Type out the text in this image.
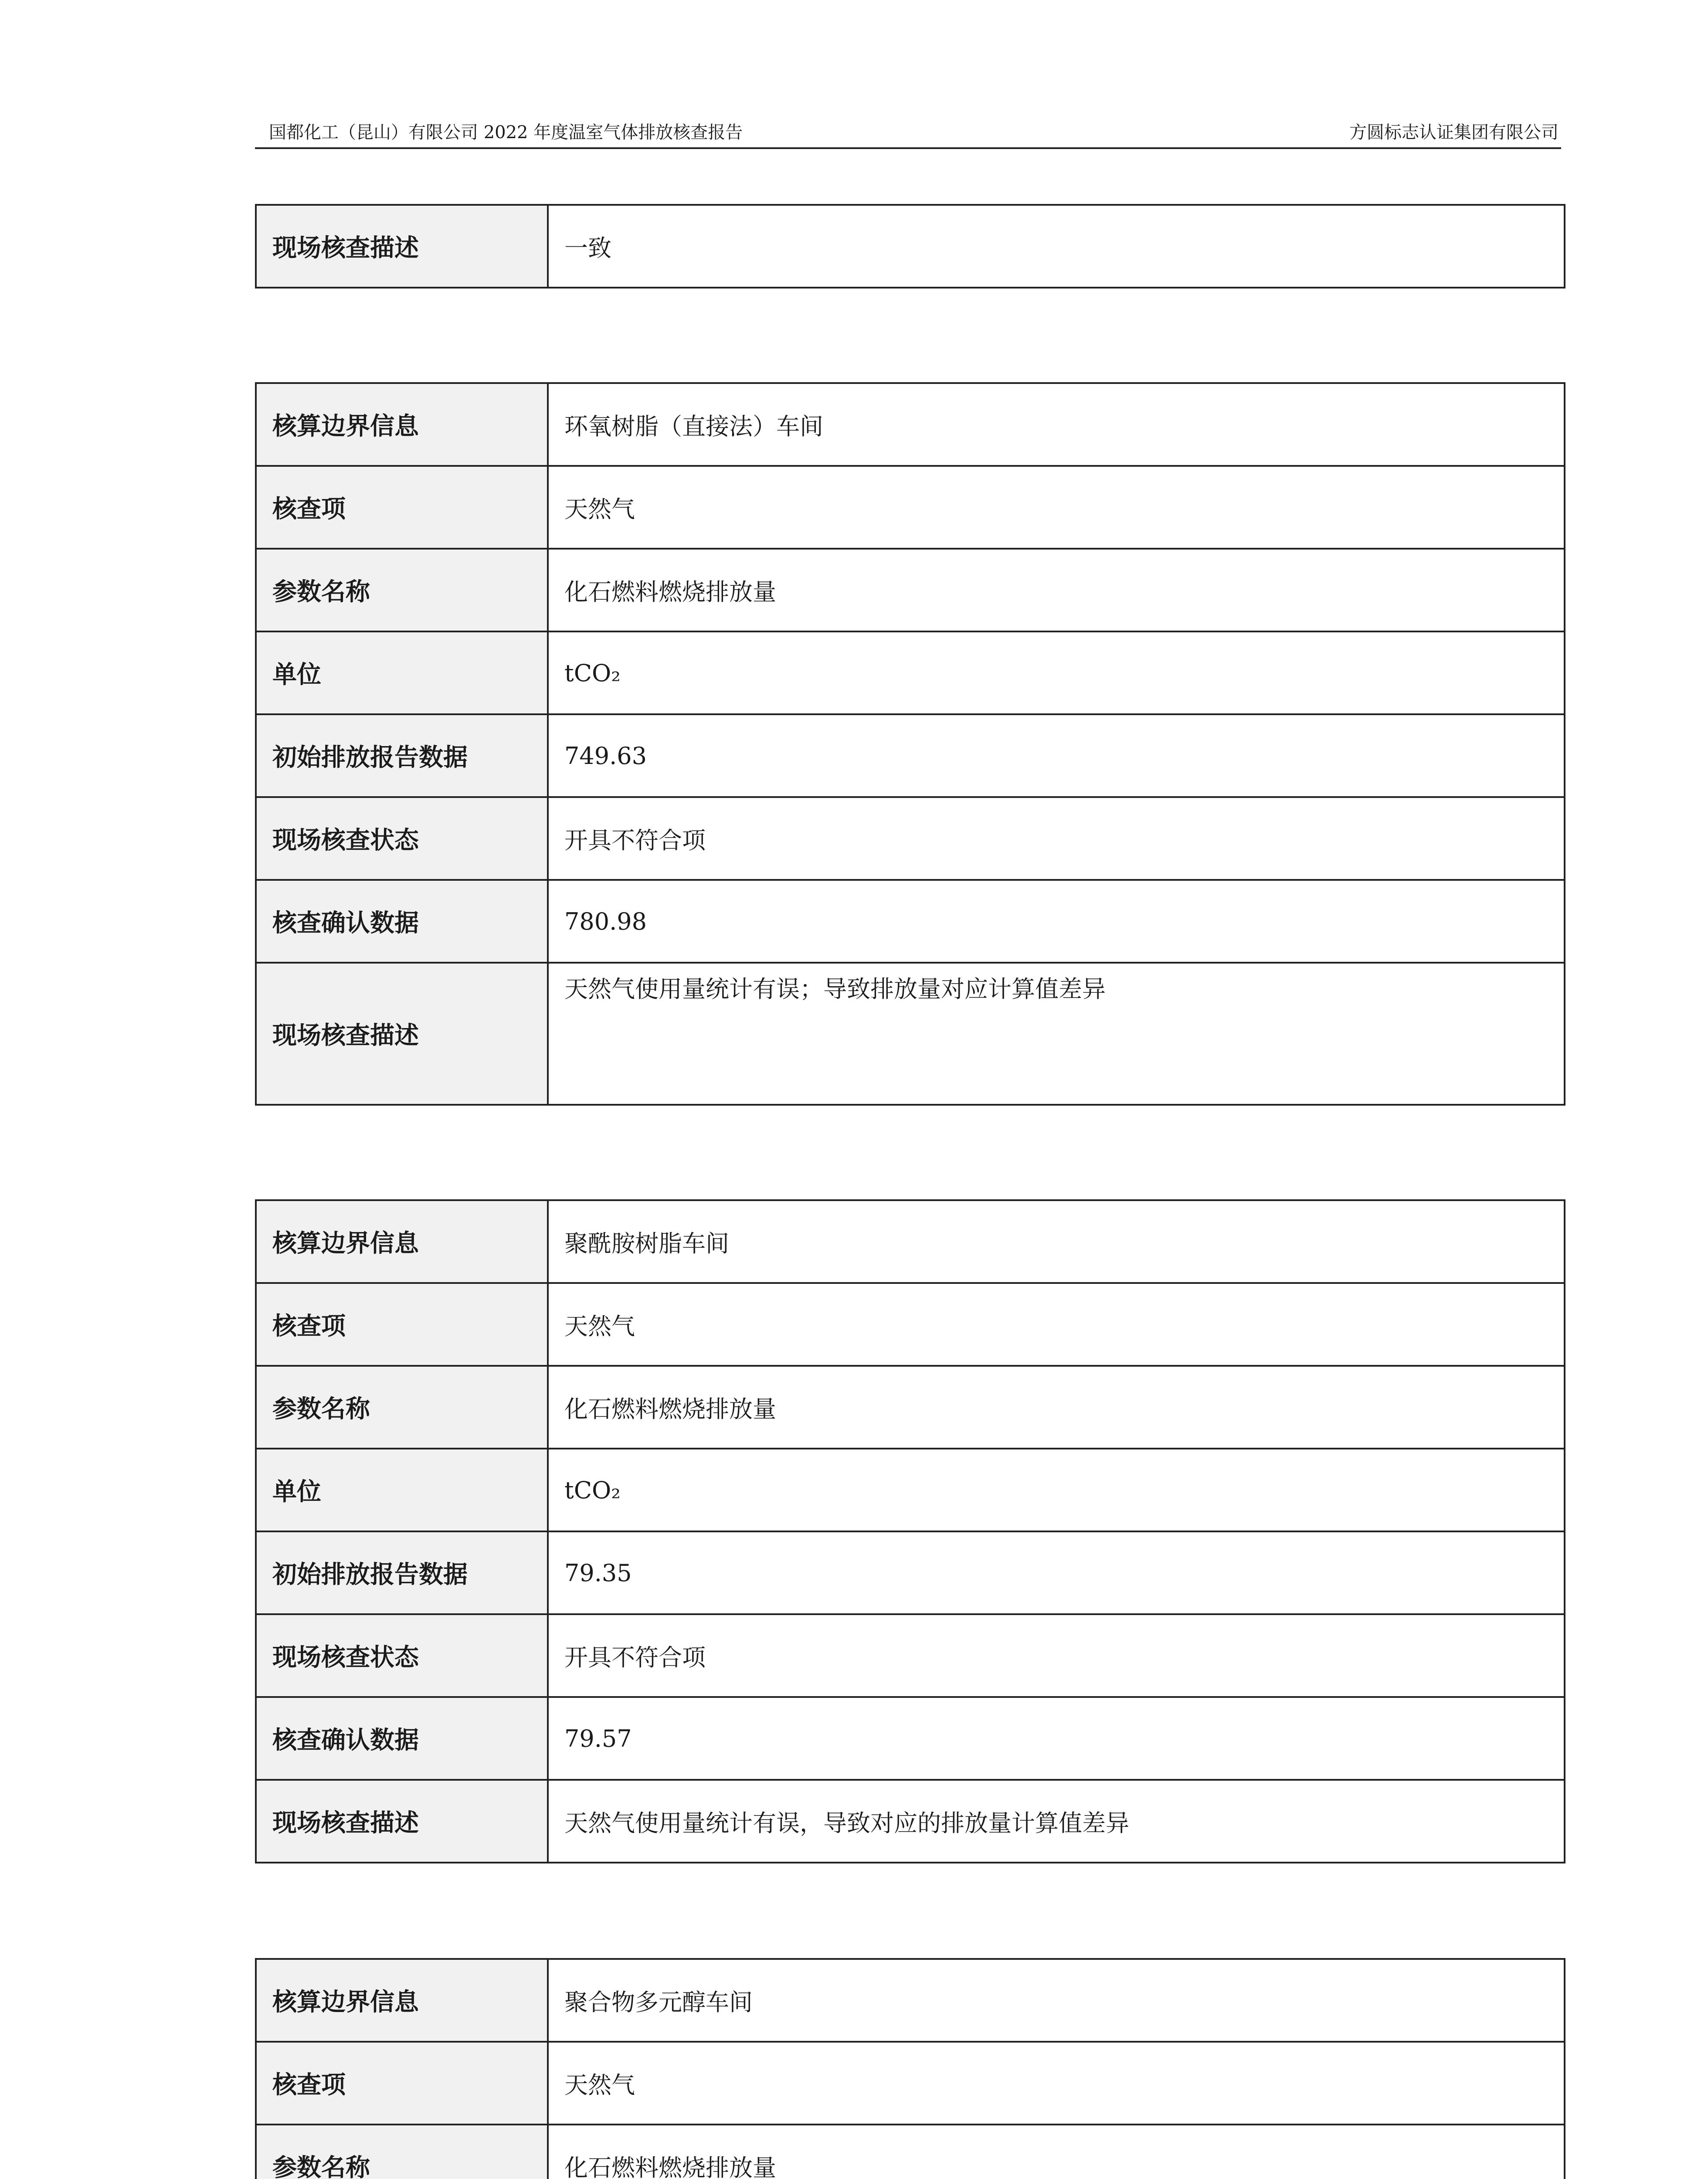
国都化工（昆山）有限公司 2022 年度温室气体排放核查报告	方圆标志认证集团有限公司
现场核查描述	一致
核算边界信息	环氧树脂（直接法）车间
核查项	天然气
参数名称	化石燃料燃烧排放量
单位	tCO₂
初始排放报告数据	749.63
现场核查状态	开具不符合项
核查确认数据	780.98
现场核查描述	天然气使用量统计有误；导致排放量对应计算值差异
核算边界信息	聚酰胺树脂车间
核查项	天然气
参数名称	化石燃料燃烧排放量
单位	tCO₂
初始排放报告数据	79.35
现场核查状态	开具不符合项
核查确认数据	79.57
现场核查描述	天然气使用量统计有误，导致对应的排放量计算值差异
核算边界信息	聚合物多元醇车间
核查项	天然气
参数名称	化石燃料燃烧排放量
